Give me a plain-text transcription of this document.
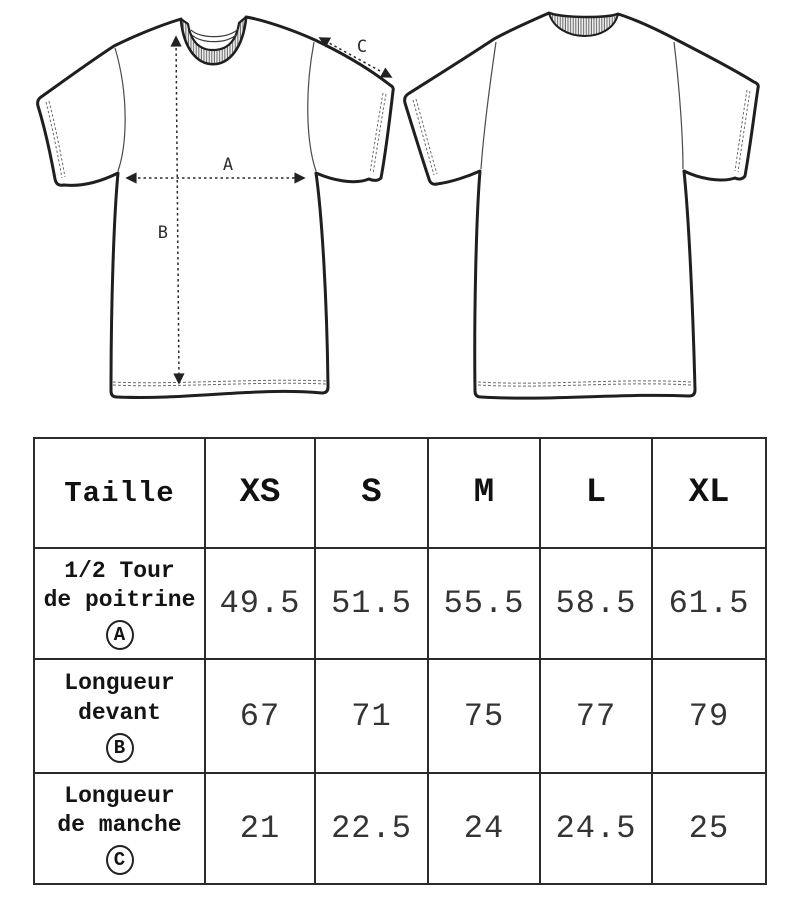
A
B
C
Taille	XS	S	M	L	XL

1/2 Tour
de poitrine
A	49.5	51.5	55.5	58.5	61.5

Longueur
devant
B	67	71	75	77	79

Longueur
de manche
C	21	22.5	24	24.5	25
